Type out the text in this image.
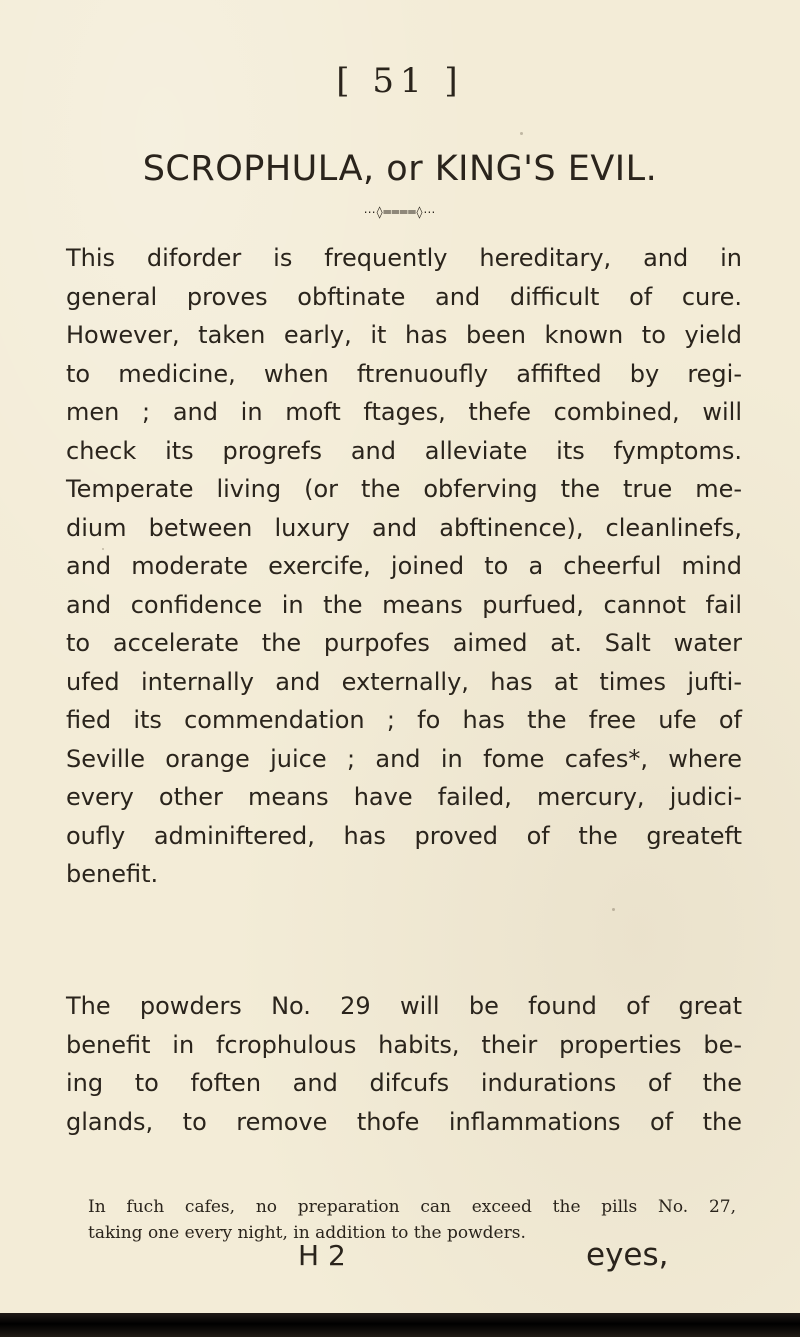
[ 51 ]
SCROPHULA, or KING'S EVIL.
⋯◊════◊⋯
This diforder is frequently hereditary, and in
general proves obftinate and difficult of cure.
However, taken early, it has been known to yield
to medicine, when ftrenuoufly affifted by regi-
men ; and in moft ftages, thefe combined, will
check its progrefs and alleviate its fymptoms.
Temperate living (or the obferving the true me-
dium between luxury and abftinence), cleanlinefs,
and moderate exercife, joined to a cheerful mind
and confidence in the means purfued, cannot fail
to accelerate the purpofes aimed at. Salt water
ufed internally and externally, has at times jufti-
fied its commendation ; fo has the free ufe of
Seville orange juice ; and in fome cafes*, where
every other means have failed, mercury, judici-
oufly adminiftered, has proved of the greateft
benefit.
The powders No. 29 will be found of great
benefit in fcrophulous habits, their properties be-
ing to foften and difcufs indurations of the
glands, to remove thofe inflammations of the
In fuch cafes, no preparation can exceed the pills No. 27,
taking one every night, in addition to the powders.
H 2	eyes,
